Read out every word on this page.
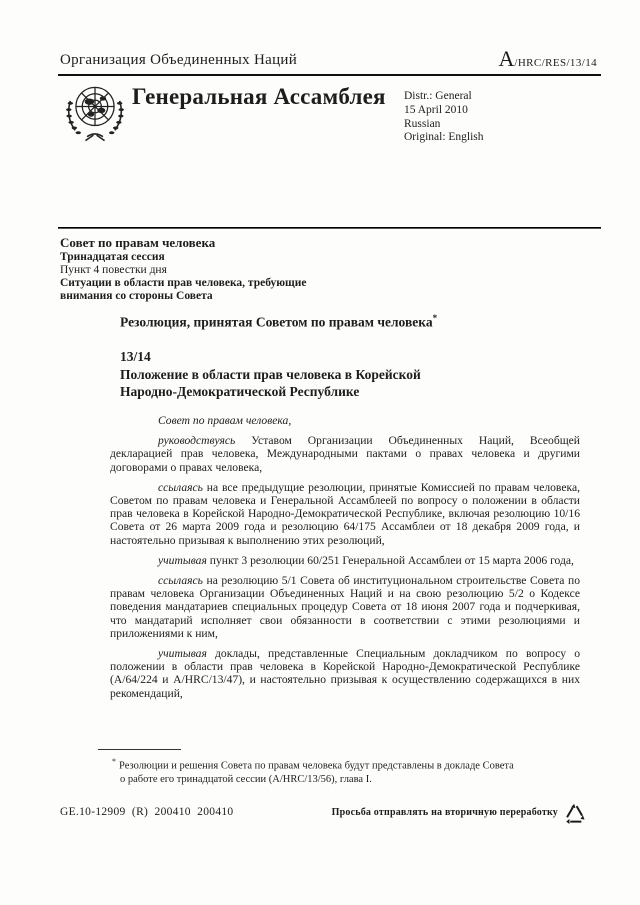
Организация Объединенных Наций	A/HRC/RES/13/14
Генеральная Ассамблея Distr.: General
15 April 2010
Russian
Original: English
Совет по правам человека
Тринадцатая сессия
Пункт 4 повестки дня
Ситуации в области прав человека, требующие
внимания со стороны Совета
Резолюция, принятая Советом по правам человека*
13/14
Положение в области прав человека в Корейской
Народно-Демократической Республике

Совет по правам человека,

руководствуясь Уставом Организации Объединенных Наций, Всеобщей декларацией прав человека, Международными пактами о правах человека и другими договорами о правах человека,

ссылаясь на все предыдущие резолюции, принятые Комиссией по правам человека, Советом по правам человека и Генеральной Ассамблеей по вопросу о положении в области прав человека в Корейской Народно-Демократической Республике, включая резолюцию 10/16 Совета от 26 марта 2009 года и резолюцию 64/175 Ассамблеи от 18 декабря 2009 года, и настоятельно призывая к выполнению этих резолюций,

учитывая пункт 3 резолюции 60/251 Генеральной Ассамблеи от 15 марта 2006 года,

ссылаясь на резолюцию 5/1 Совета об институциональном строительстве Совета по правам человека Организации Объединенных Наций и на свою резолюцию 5/2 о Кодексе поведения мандатариев специальных процедур Совета от 18 июня 2007 года и подчеркивая, что мандатарий исполняет свои обязанности в соответствии с этими резолюциями и приложениями к ним,

учитывая доклады, представленные Специальным докладчиком по вопросу о положении в области прав человека в Корейской Народно-Демократической Республике (A/64/224 и A/HRC/13/47), и настоятельно призывая к осуществлению содержащихся в них рекомендаций,

* Резолюции и решения Совета по правам человека будут представлены в докладе Совета о работе его тринадцатой сессии (A/HRC/13/56), глава I.
GE.10-12909  (R)  200410  200410	Просьба отправлять на вторичную переработку
